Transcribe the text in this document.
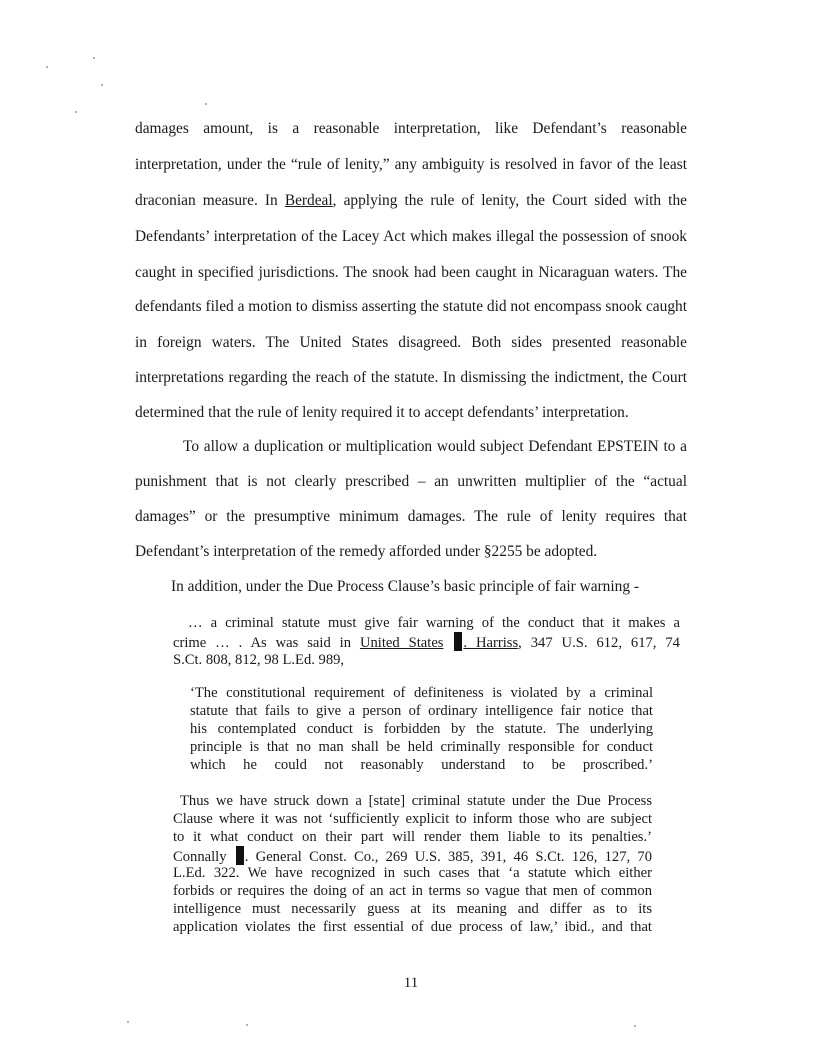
damages amount, is a reasonable interpretation, like Defendant’s reasonable
interpretation, under the “rule of lenity,” any ambiguity is resolved in favor of the least
draconian measure. In Berdeal, applying the rule of lenity, the Court sided with the
Defendants’ interpretation of the Lacey Act which makes illegal the possession of snook
caught in specified jurisdictions. The snook had been caught in Nicaraguan waters. The
defendants filed a motion to dismiss asserting the statute did not encompass snook caught
in foreign waters. The United States disagreed. Both sides presented reasonable
interpretations regarding the reach of the statute. In dismissing the indictment, the Court
determined that the rule of lenity required it to accept defendants’ interpretation.
To allow a duplication or multiplication would subject Defendant EPSTEIN to a
punishment that is not clearly prescribed – an unwritten multiplier of the “actual
damages” or the presumptive minimum damages. The rule of lenity requires that
Defendant’s interpretation of the remedy afforded under §2255 be adopted.
In addition, under the Due Process Clause’s basic principle of fair warning -
… a criminal statute must give fair warning of the conduct that it makes a
crime … . As was said in United States . Harriss, 347 U.S. 612, 617, 74
S.Ct. 808, 812, 98 L.Ed. 989,
‘The constitutional requirement of definiteness is violated by a criminal
statute that fails to give a person of ordinary intelligence fair notice that
his contemplated conduct is forbidden by the statute. The underlying
principle is that no man shall be held criminally responsible for conduct
which he could not reasonably understand to be proscribed.’
Thus we have struck down a [state] criminal statute under the Due Process
Clause where it was not ‘sufficiently explicit to inform those who are subject
to it what conduct on their part will render them liable to its penalties.’
Connally . General Const. Co., 269 U.S. 385, 391, 46 S.Ct. 126, 127, 70
L.Ed. 322. We have recognized in such cases that ‘a statute which either
forbids or requires the doing of an act in terms so vague that men of common
intelligence must necessarily guess at its meaning and differ as to its
application violates the first essential of due process of law,’ ibid., and that
11
